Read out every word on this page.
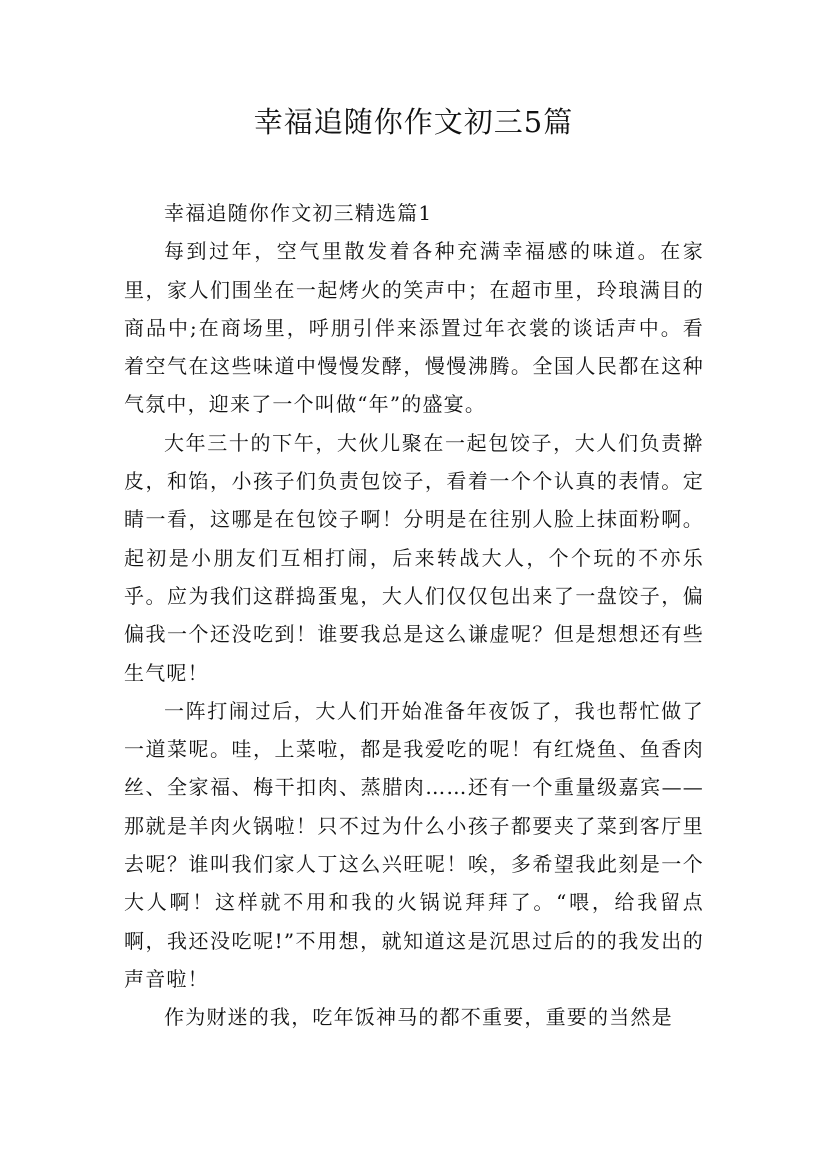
幸福追随你作文初三5篇

幸福追随你作文初三精选篇1

每到过年，空气里散发着各种充满幸福感的味道。在家里，家人们围坐在一起烤火的笑声中；在超市里，玲琅满目的商品中;在商场里，呼朋引伴来添置过年衣裳的谈话声中。看着空气在这些味道中慢慢发酵，慢慢沸腾。全国人民都在这种气氛中，迎来了一个叫做“年”的盛宴。

大年三十的下午，大伙儿聚在一起包饺子，大人们负责擀皮，和馅，小孩子们负责包饺子，看着一个个认真的表情。定睛一看，这哪是在包饺子啊！分明是在往别人脸上抹面粉啊。起初是小朋友们互相打闹，后来转战大人，个个玩的不亦乐乎。应为我们这群捣蛋鬼，大人们仅仅包出来了一盘饺子，偏偏我一个还没吃到！谁要我总是这么谦虚呢？但是想想还有些生气呢！

一阵打闹过后，大人们开始准备年夜饭了，我也帮忙做了一道菜呢。哇，上菜啦，都是我爱吃的呢！有红烧鱼、鱼香肉丝、全家福、梅干扣肉、蒸腊肉……还有一个重量级嘉宾——那就是羊肉火锅啦！只不过为什么小孩子都要夹了菜到客厅里去呢？谁叫我们家人丁这么兴旺呢！唉，多希望我此刻是一个大人啊！这样就不用和我的火锅说拜拜了。“喂，给我留点啊，我还没吃呢!”不用想，就知道这是沉思过后的的我发出的声音啦！

作为财迷的我，吃年饭神马的都不重要，重要的当然是
